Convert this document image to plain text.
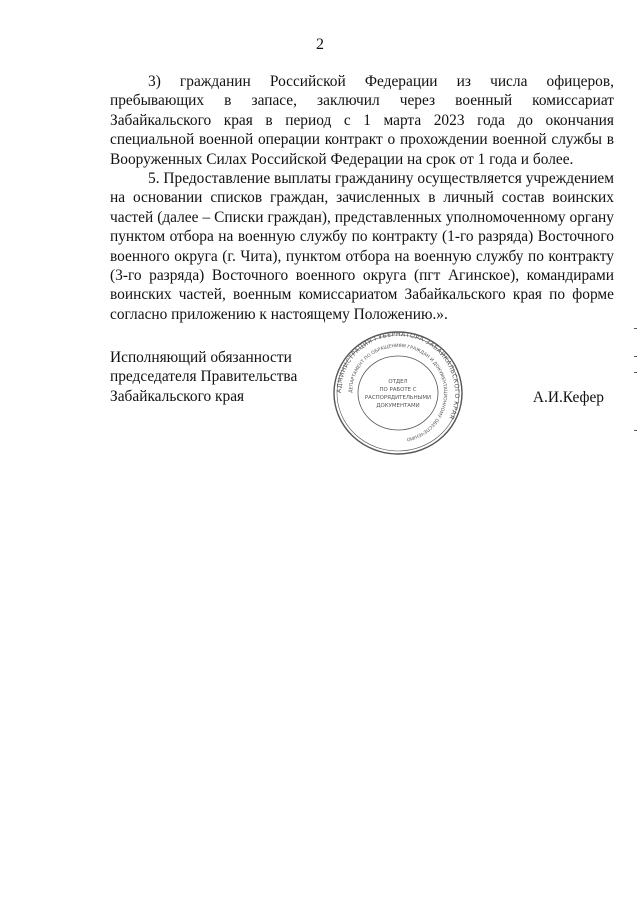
2

3) гражданин Российской Федерации из числа офицеров, пребывающих в запасе, заключил через военный комиссариат Забайкальского края в период с 1 марта 2023 года до окончания специальной военной операции контракт о прохождении военной службы в Вооруженных Силах Российской Федерации на срок от 1 года и более.

5. Предоставление выплаты гражданину осуществляется учреждением на основании списков граждан, зачисленных в личный состав воинских частей (далее – Списки граждан), представленных уполномоченному органу пунктом отбора на военную службу по контракту (1-го разряда) Восточного военного округа (г. Чита), пунктом отбора на военную службу по контракту (3-го разряда) Восточного военного округа (пгт Агинское), командирами воинских частей, военным комиссариатом Забайкальского края по форме согласно приложению к настоящему Положению.».

Исполняющий обязанности
председателя Правительства
Забайкальского края	АДМИНИСТРАЦИЯ ГУБЕРНАТОРА ЗАБАЙКАЛЬСКОГО КРАЯ
ДЕПАРТАМЕНТ ПО ОБРАЩЕНИЯМ ГРАЖДАН И ДОКУМЕНТАЦИОННОМУ ОБЕСПЕЧЕНИЮ
ОТДЕЛ
ПО РАБОТЕ С
РАСПОРЯДИТЕЛЬНЫМИ
ДОКУМЕНТАМИ	А.И.Кефер
